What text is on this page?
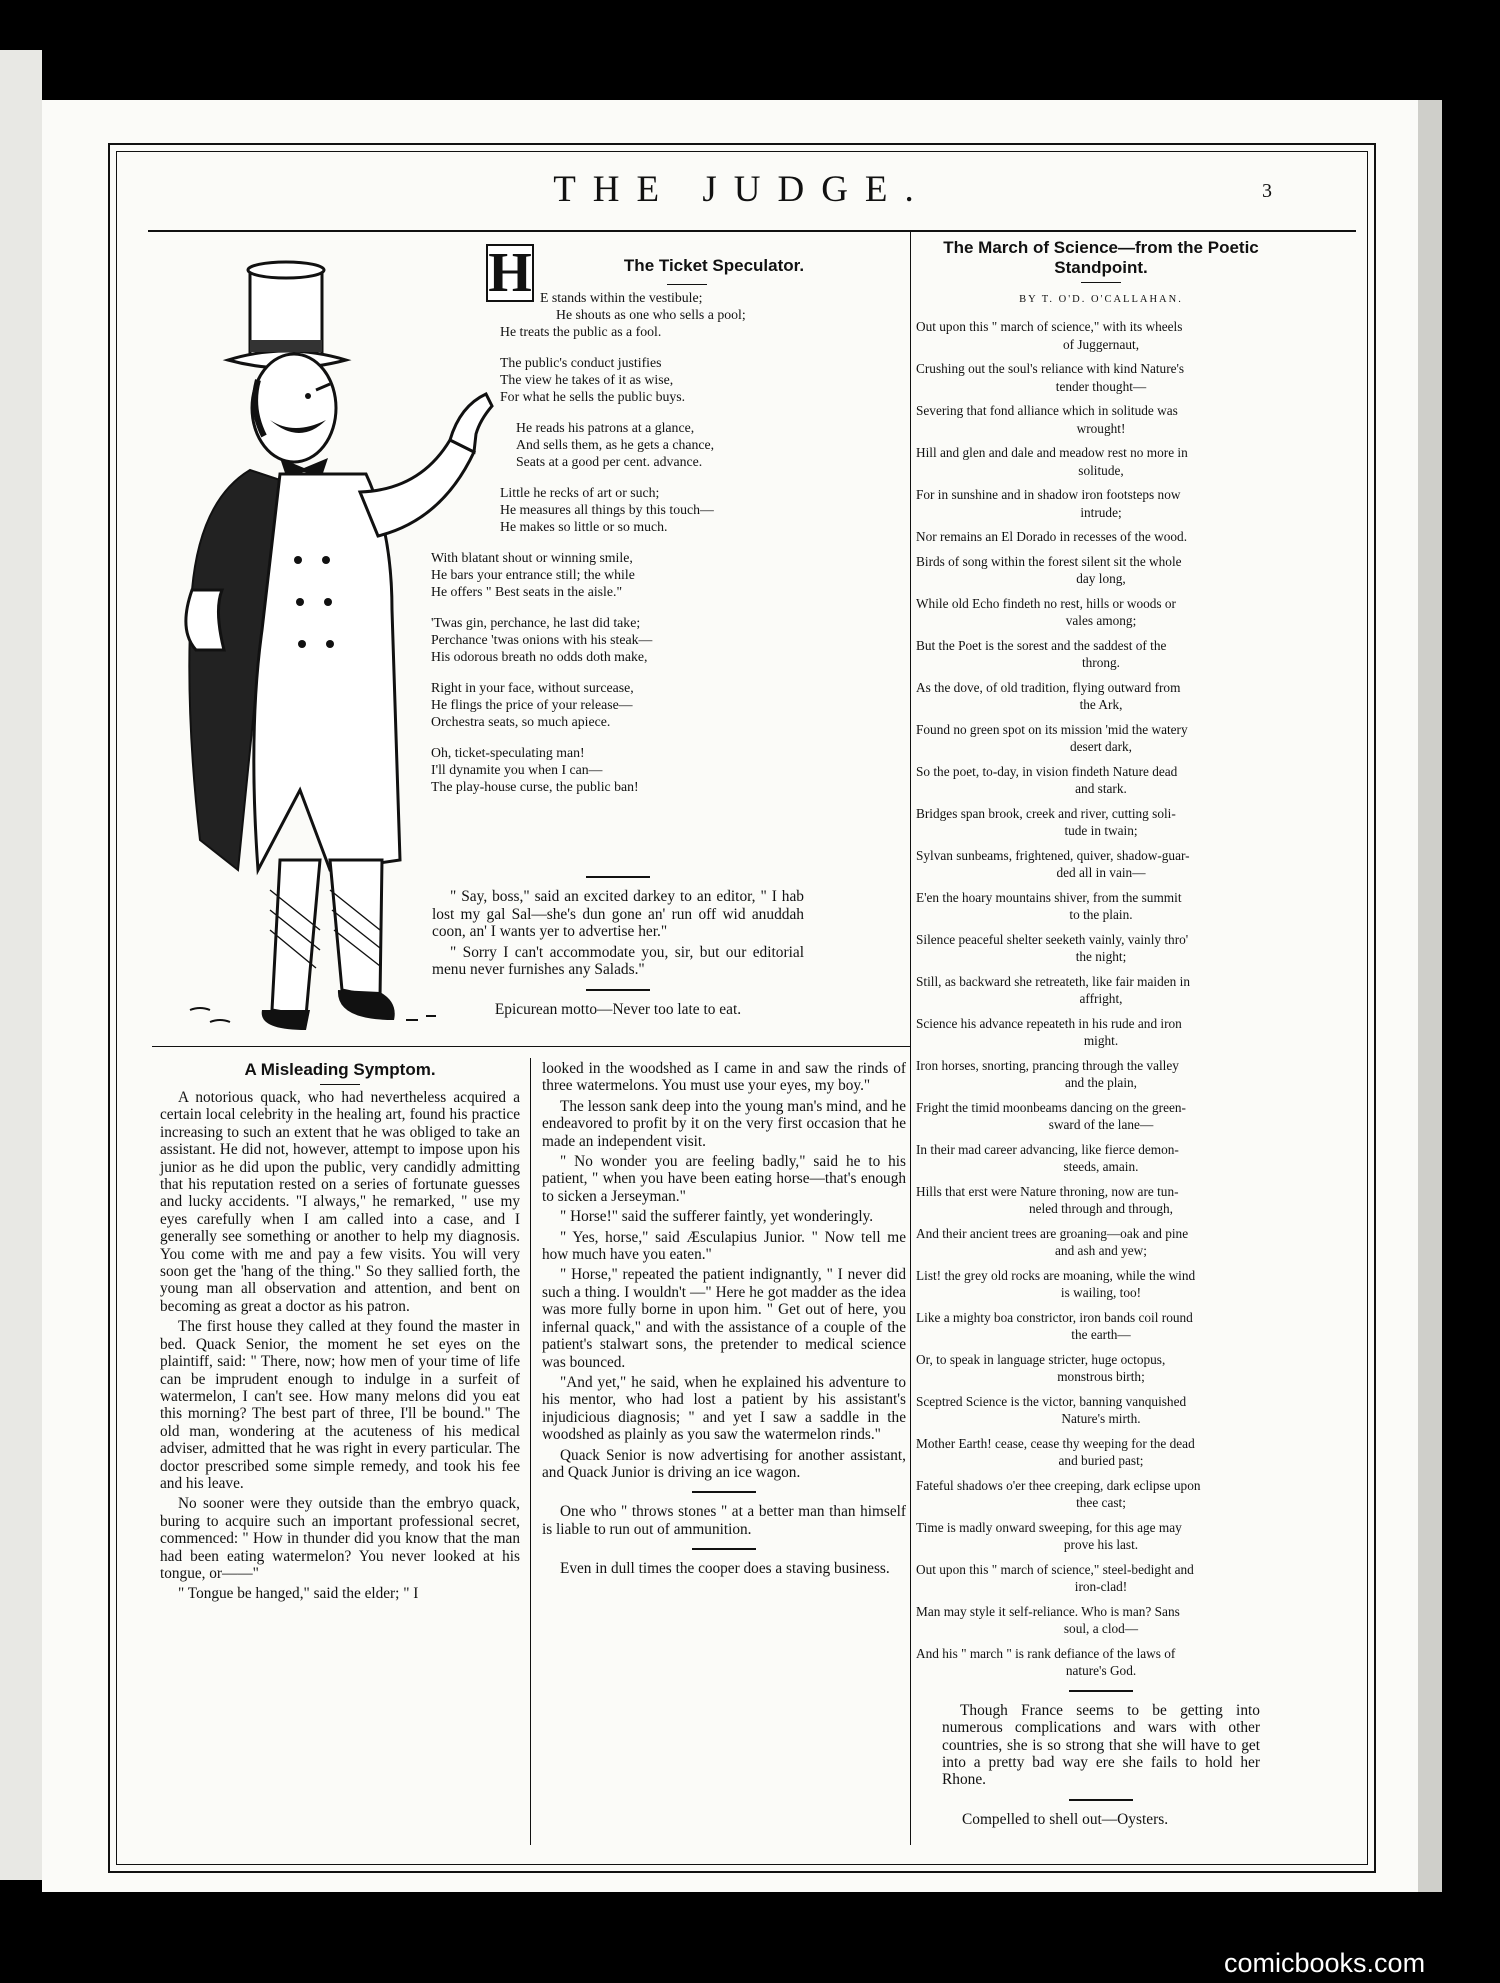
THE JUDGE.	3
H	The Ticket Speculator.
E stands within the vestibule;
He shouts as one who sells a pool;
He treats the public as a fool.
The public's conduct justifies
The view he takes of it as wise,
For what he sells the public buys.
He reads his patrons at a glance,
And sells them, as he gets a chance,
Seats at a good per cent. advance.
Little he recks of art or such;
He measures all things by this touch—
He makes so little or so much.
With blatant shout or winning smile,
He bars your entrance still; the while
He offers " Best seats in the aisle."
'Twas gin, perchance, he last did take;
Perchance 'twas onions with his steak—
His odorous breath no odds doth make,
Right in your face, without surcease,
He flings the price of your release—
Orchestra seats, so much apiece.
Oh, ticket-speculating man!
I'll dynamite you when I can—
The play-house curse, the public ban!

" Say, boss," said an excited darkey to an editor, " I hab lost my gal Sal—she's dun gone an' run off wid anuddah coon, an' I wants yer to advertise her."

" Sorry I can't accommodate you, sir, but our editorial menu never furnishes any Salads."

Epicurean motto—Never too late to eat.

The March of Science—from the Poetic Standpoint.
BY T. O'D. O'CALLAHAN.
Out upon this " march of science," with its wheels
of Juggernaut,
Crushing out the soul's reliance with kind Nature's
tender thought—
Severing that fond alliance which in solitude was
wrought!
Hill and glen and dale and meadow rest no more in
solitude,
For in sunshine and in shadow iron footsteps now
intrude;
Nor remains an El Dorado in recesses of the wood.
Birds of song within the forest silent sit the whole
day long,
While old Echo findeth no rest, hills or woods or
vales among;
But the Poet is the sorest and the saddest of the
throng.
As the dove, of old tradition, flying outward from
the Ark,
Found no green spot on its mission 'mid the watery
desert dark,
So the poet, to-day, in vision findeth Nature dead
and stark.
Bridges span brook, creek and river, cutting soli-
tude in twain;
Sylvan sunbeams, frightened, quiver, shadow-guar-
ded all in vain—
E'en the hoary mountains shiver, from the summit
to the plain.
Silence peaceful shelter seeketh vainly, vainly thro'
the night;
Still, as backward she retreateth, like fair maiden in
affright,
Science his advance repeateth in his rude and iron
might.
Iron horses, snorting, prancing through the valley
and the plain,
Fright the timid moonbeams dancing on the green-
sward of the lane—
In their mad career advancing, like fierce demon-
steeds, amain.
Hills that erst were Nature throning, now are tun-
neled through and through,
And their ancient trees are groaning—oak and pine
and ash and yew;
List! the grey old rocks are moaning, while the wind
is wailing, too!
Like a mighty boa constrictor, iron bands coil round
the earth—
Or, to speak in language stricter, huge octopus,
monstrous birth;
Sceptred Science is the victor, banning vanquished
Nature's mirth.
Mother Earth! cease, cease thy weeping for the dead
and buried past;
Fateful shadows o'er thee creeping, dark eclipse upon
thee cast;
Time is madly onward sweeping, for this age may
prove his last.
Out upon this " march of science," steel-bedight and
iron-clad!
Man may style it self-reliance. Who is man? Sans
soul, a clod—
And his " march " is rank defiance of the laws of
nature's God.

Though France seems to be getting into numerous complications and wars with other countries, she is so strong that she will have to get into a pretty bad way ere she fails to hold her Rhone.

Compelled to shell out—Oysters.

A Misleading Symptom.

A notorious quack, who had nevertheless acquired a certain local celebrity in the healing art, found his practice increasing to such an extent that he was obliged to take an assistant. He did not, however, attempt to impose upon his junior as he did upon the public, very candidly admitting that his reputation rested on a series of fortunate guesses and lucky accidents. "I always," he remarked, " use my eyes carefully when I am called into a case, and I generally see something or another to help my diagnosis. You come with me and pay a few visits. You will very soon get the 'hang of the thing." So they sallied forth, the young man all observation and attention, and bent on becoming as great a doctor as his patron.

The first house they called at they found the master in bed. Quack Senior, the moment he set eyes on the plaintiff, said: " There, now; how men of your time of life can be imprudent enough to indulge in a surfeit of watermelon, I can't see. How many melons did you eat this morning? The best part of three, I'll be bound." The old man, wondering at the acuteness of his medical adviser, admitted that he was right in every particular. The doctor prescribed some simple remedy, and took his fee and his leave.

No sooner were they outside than the embryo quack, buring to acquire such an important professional secret, commenced: " How in thunder did you know that the man had been eating watermelon? You never looked at his tongue, or——"

" Tongue be hanged," said the elder; " I

looked in the woodshed as I came in and saw the rinds of three watermelons. You must use your eyes, my boy."

The lesson sank deep into the young man's mind, and he endeavored to profit by it on the very first occasion that he made an independent visit.

" No wonder you are feeling badly," said he to his patient, " when you have been eating horse—that's enough to sicken a Jerseyman."

" Horse!" said the sufferer faintly, yet wonderingly.

" Yes, horse," said Æsculapius Junior. " Now tell me how much have you eaten."

" Horse," repeated the patient indignantly, " I never did such a thing. I wouldn't —" Here he got madder as the idea was more fully borne in upon him. " Get out of here, you infernal quack," and with the assistance of a couple of the patient's stalwart sons, the pretender to medical science was bounced.

"And yet," he said, when he explained his adventure to his mentor, who had lost a patient by his assistant's injudicious diagnosis; " and yet I saw a saddle in the woodshed as plainly as you saw the watermelon rinds."

Quack Senior is now advertising for another assistant, and Quack Junior is driving an ice wagon.

One who " throws stones " at a better man than himself is liable to run out of ammunition.

Even in dull times the cooper does a staving business.

comicbooks.com
